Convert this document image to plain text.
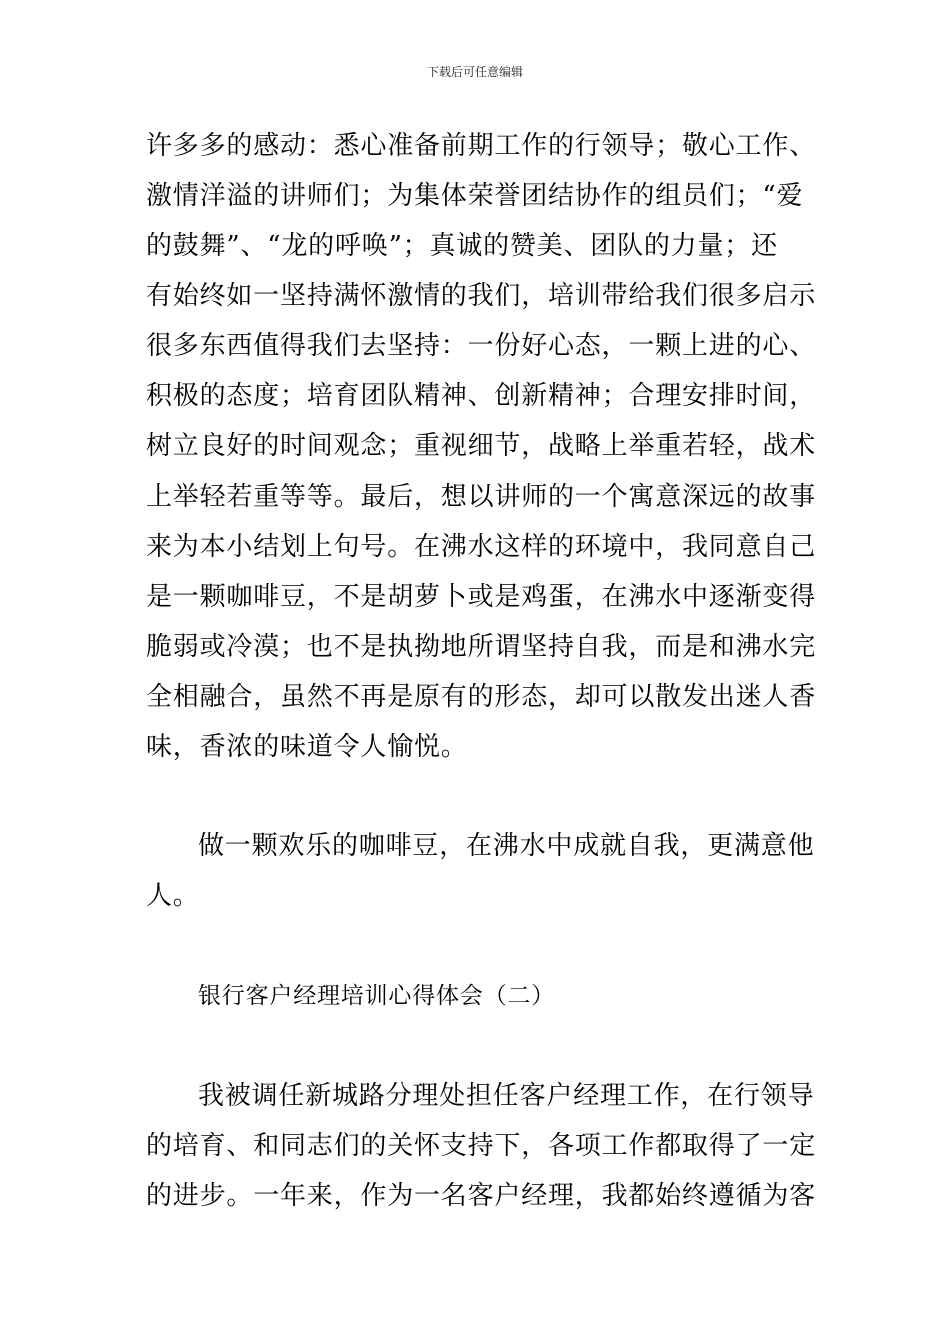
下载后可任意编辑
许多多的感动：悉心准备前期工作的行领导；敬心工作、
激情洋溢的讲师们；为集体荣誉团结协作的组员们；“爱
的鼓舞”、“龙的呼唤”；真诚的赞美、团队的力量；还
有始终如一坚持满怀激情的我们，培训带给我们很多启示
很多东西值得我们去坚持：一份好心态，一颗上进的心、
积极的态度；培育团队精神、创新精神；合理安排时间，
树立良好的时间观念；重视细节，战略上举重若轻，战术
上举轻若重等等。最后，想以讲师的一个寓意深远的故事
来为本小结划上句号。在沸水这样的环境中，我同意自己
是一颗咖啡豆，不是胡萝卜或是鸡蛋，在沸水中逐渐变得
脆弱或冷漠；也不是执拗地所谓坚持自我，而是和沸水完
全相融合，虽然不再是原有的形态，却可以散发出迷人香
味，香浓的味道令人愉悦。
做一颗欢乐的咖啡豆，在沸水中成就自我，更满意他
人。
银行客户经理培训心得体会（二）
我被调任新城路分理处担任客户经理工作，在行领导
的培育、和同志们的关怀支持下，各项工作都取得了一定
的进步。一年来，作为一名客户经理，我都始终遵循为客
